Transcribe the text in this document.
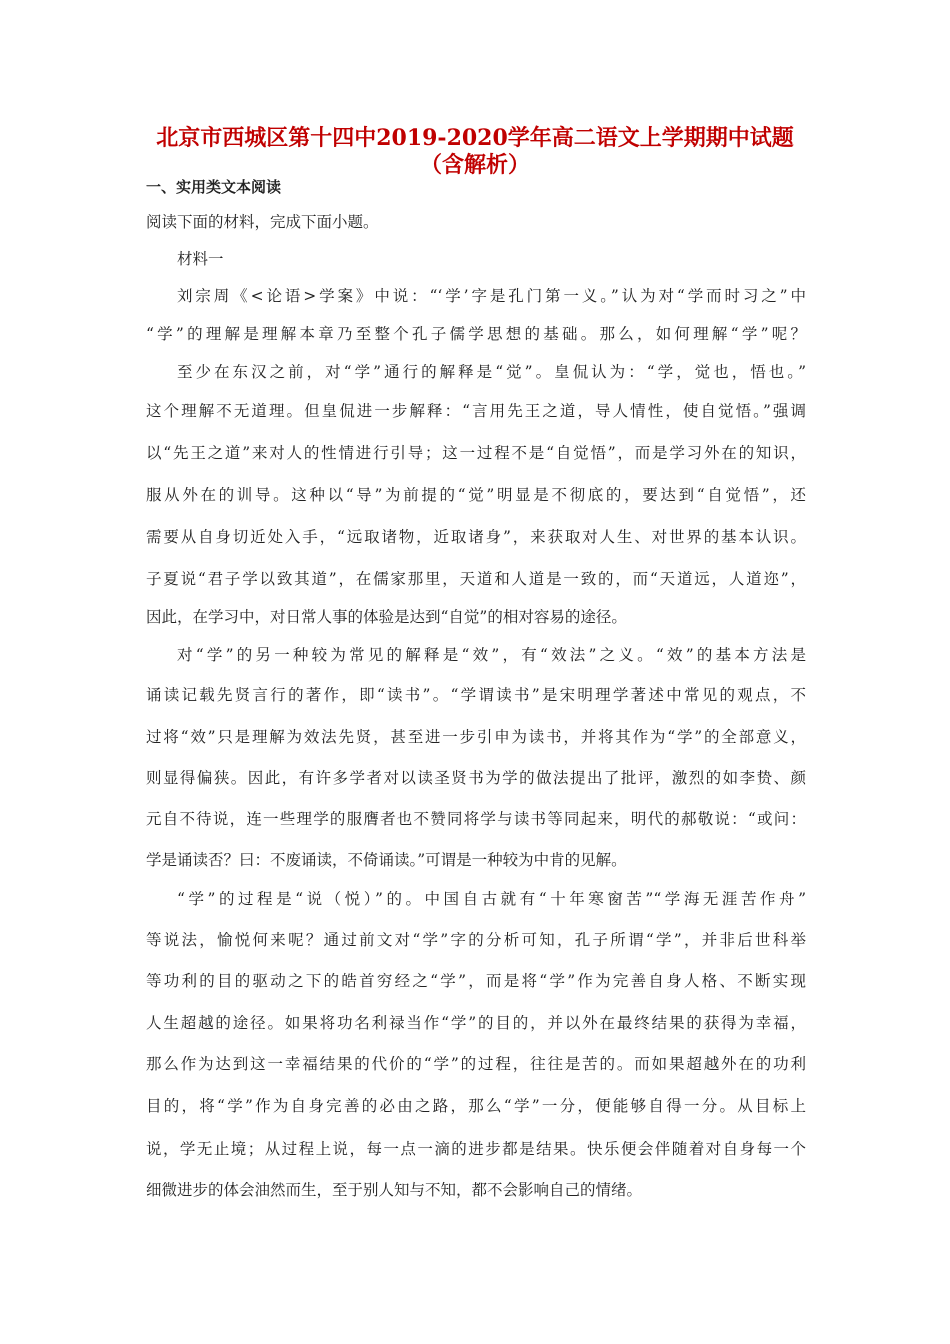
北京市西城区第十四中2019-2020学年高二语文上学期期中试题
（含解析）
一、实用类文本阅读
阅读下面的材料，完成下面小题。
材料一
刘宗周《<论语>学案》中说：“‘学’字是孔门第一义。”认为对“学而时习之”中
“学”的理解是理解本章乃至整个孔子儒学思想的基础。那么，如何理解“学”呢？
至少在东汉之前，对“学”通行的解释是“觉”。皇侃认为：“学，觉也，悟也。”
这个理解不无道理。但皇侃进一步解释：“言用先王之道，导人情性，使自觉悟。”强调
以“先王之道”来对人的性情进行引导；这一过程不是“自觉悟”，而是学习外在的知识，
服从外在的训导。这种以“导”为前提的“觉”明显是不彻底的，要达到“自觉悟”，还
需要从自身切近处入手，“远取诸物，近取诸身”，来获取对人生、对世界的基本认识。
子夏说“君子学以致其道”，在儒家那里，天道和人道是一致的，而“天道远，人道迩”，
因此，在学习中，对日常人事的体验是达到“自觉”的相对容易的途径。
对“学”的另一种较为常见的解释是“效”，有“效法”之义。“效”的基本方法是
诵读记载先贤言行的著作，即“读书”。“学谓读书”是宋明理学著述中常见的观点，不
过将“效”只是理解为效法先贤，甚至进一步引申为读书，并将其作为“学”的全部意义，
则显得偏狭。因此，有许多学者对以读圣贤书为学的做法提出了批评，激烈的如李贽、颜
元自不待说，连一些理学的服膺者也不赞同将学与读书等同起来，明代的郝敬说：“或问：
学是诵读否？曰：不废诵读，不倚诵读。”可谓是一种较为中肯的见解。
“学”的过程是“说（悦）”的。中国自古就有“十年寒窗苦”“学海无涯苦作舟”
等说法，愉悦何来呢？通过前文对“学”字的分析可知，孔子所谓“学”，并非后世科举
等功利的目的驱动之下的皓首穷经之“学”，而是将“学”作为完善自身人格、不断实现
人生超越的途径。如果将功名利禄当作“学”的目的，并以外在最终结果的获得为幸福，
那么作为达到这一幸福结果的代价的“学”的过程，往往是苦的。而如果超越外在的功利
目的，将“学”作为自身完善的必由之路，那么“学”一分，便能够自得一分。从目标上
说，学无止境；从过程上说，每一点一滴的进步都是结果。快乐便会伴随着对自身每一个
细微进步的体会油然而生，至于别人知与不知，都不会影响自己的情绪。
